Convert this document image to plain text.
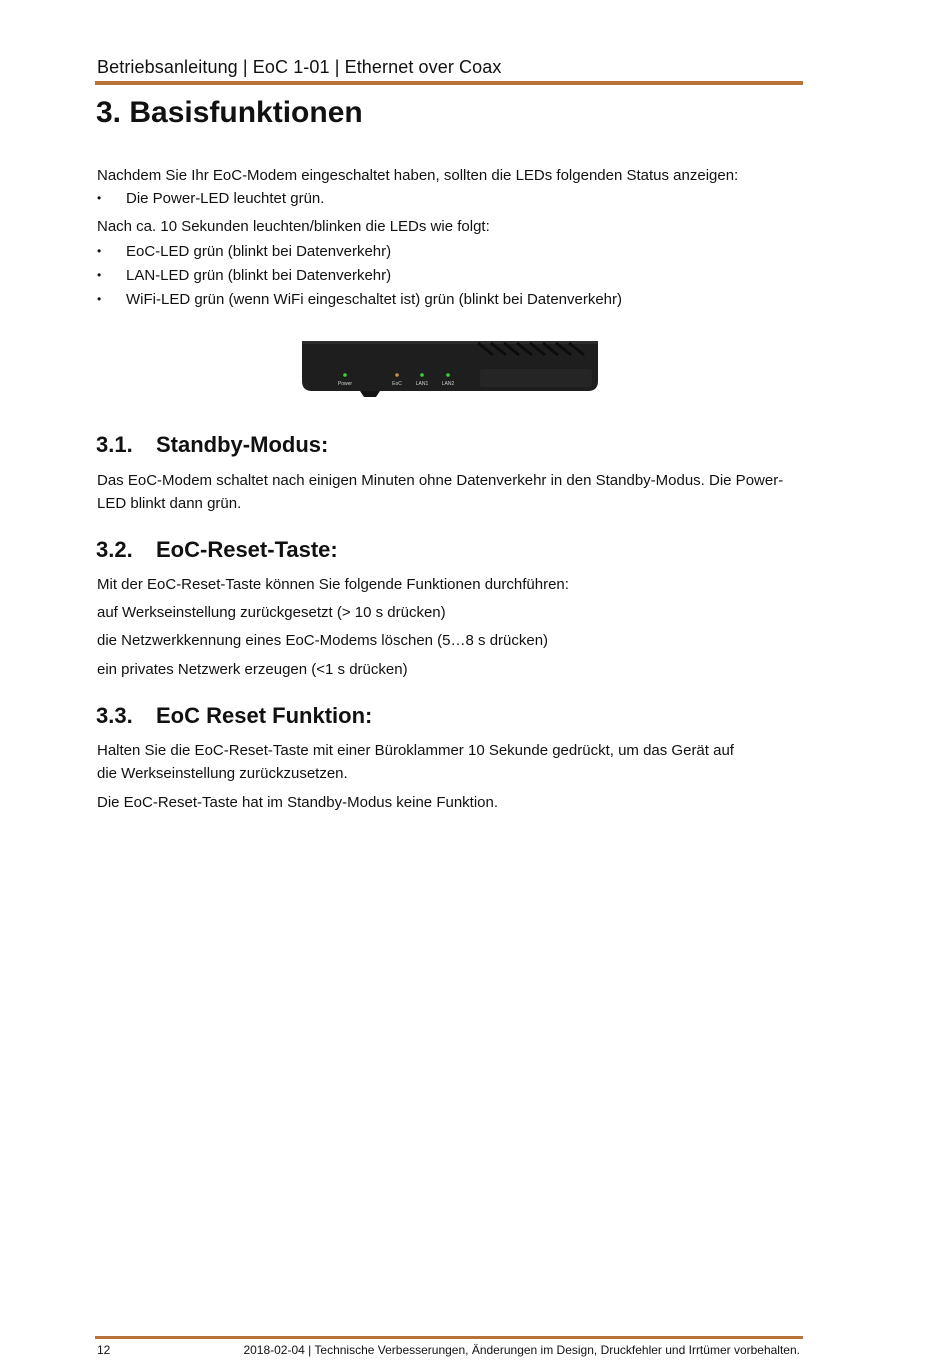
Betriebsanleitung | EoC 1-01 | Ethernet over Coax
3. Basisfunktionen

Nachdem Sie Ihr EoC-Modem eingeschaltet haben, sollten die LEDs folgenden Status anzeigen:

• Die Power-LED leuchtet grün.

Nach ca. 10 Sekunden leuchten/blinken die LEDs wie folgt:

• EoC-LED grün (blinkt bei Datenverkehr)
• LAN-LED grün (blinkt bei Datenverkehr)
• WiFi-LED grün (wenn WiFi eingeschaltet ist) grün (blinkt bei Datenverkehr)
Power	EoC	LAN1	LAN2
3.1. Standby-Modus:

Das EoC-Modem schaltet nach einigen Minuten ohne Datenverkehr in den Standby-Modus. Die Power-LED blinkt dann grün.

3.2. EoC-Reset-Taste:

Mit der EoC-Reset-Taste können Sie folgende Funktionen durchführen:

auf Werkseinstellung zurückgesetzt (> 10 s drücken)

die Netzwerkkennung eines EoC-Modems löschen (5…8 s drücken)

ein privates Netzwerk erzeugen (<1 s drücken)

3.3. EoC Reset Funktion:

Halten Sie die EoC-Reset-Taste mit einer Büroklammer 10 Sekunde gedrückt, um das Gerät auf die Werkseinstellung zurückzusetzen.

Die EoC-Reset-Taste hat im Standby-Modus keine Funktion.

12	2018-02-04 | Technische Verbesserungen, Änderungen im Design, Druckfehler und Irrtümer vorbehalten.
